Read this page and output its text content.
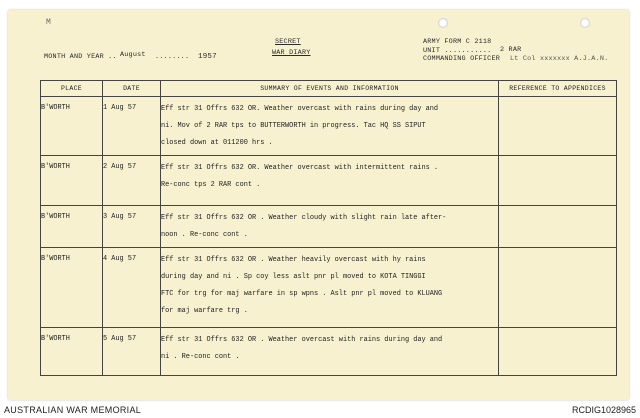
M
MONTH AND YEAR .. August ........ 1957
SECRET
WAR DIARY
ARMY FORM C 2118
UNIT ........... 2 RAR
COMMANDING OFFICER Lt Col xxxxxxx A.J.A.N.
PLACE	DATE	SUMMARY OF EVENTS AND INFORMATION	REFERENCE TO APPENDICES
B'WORTH	1 Aug 57	Eff str 31 Offrs 632 OR. Weather overcast with rains during day and
ni. Mov of 2 RAR tps to BUTTERWORTH in progress. Tac HQ SS SIPUT
closed down at 011200 hrs .	

B'WORTH	2 Aug 57	Eff str 31 Offrs 632 OR. Weather overcast with intermittent rains .
Re-conc tps 2 RAR cont .	

B'WORTH	3 Aug 57	Eff str 31 Offrs 632 OR . Weather cloudy with slight rain late after-
noon . Re-conc cont .	

B'WORTH	4 Aug 57	Eff str 31 Offrs 632 OR . Weather heavily overcast with hy rains
during day and ni . Sp coy less aslt pnr pl moved to KOTA TINGGI
FTC for trg for maj warfare in sp wpns . Aslt pnr pl moved to KLUANG
for maj warfare trg .	

B'WORTH	5 Aug 57	Eff str 31 Offrs 632 OR . Weather overcast with rains during day and
ni . Re-conc cont .	

AUSTRALIAN WAR MEMORIAL	RCDIG1028965
